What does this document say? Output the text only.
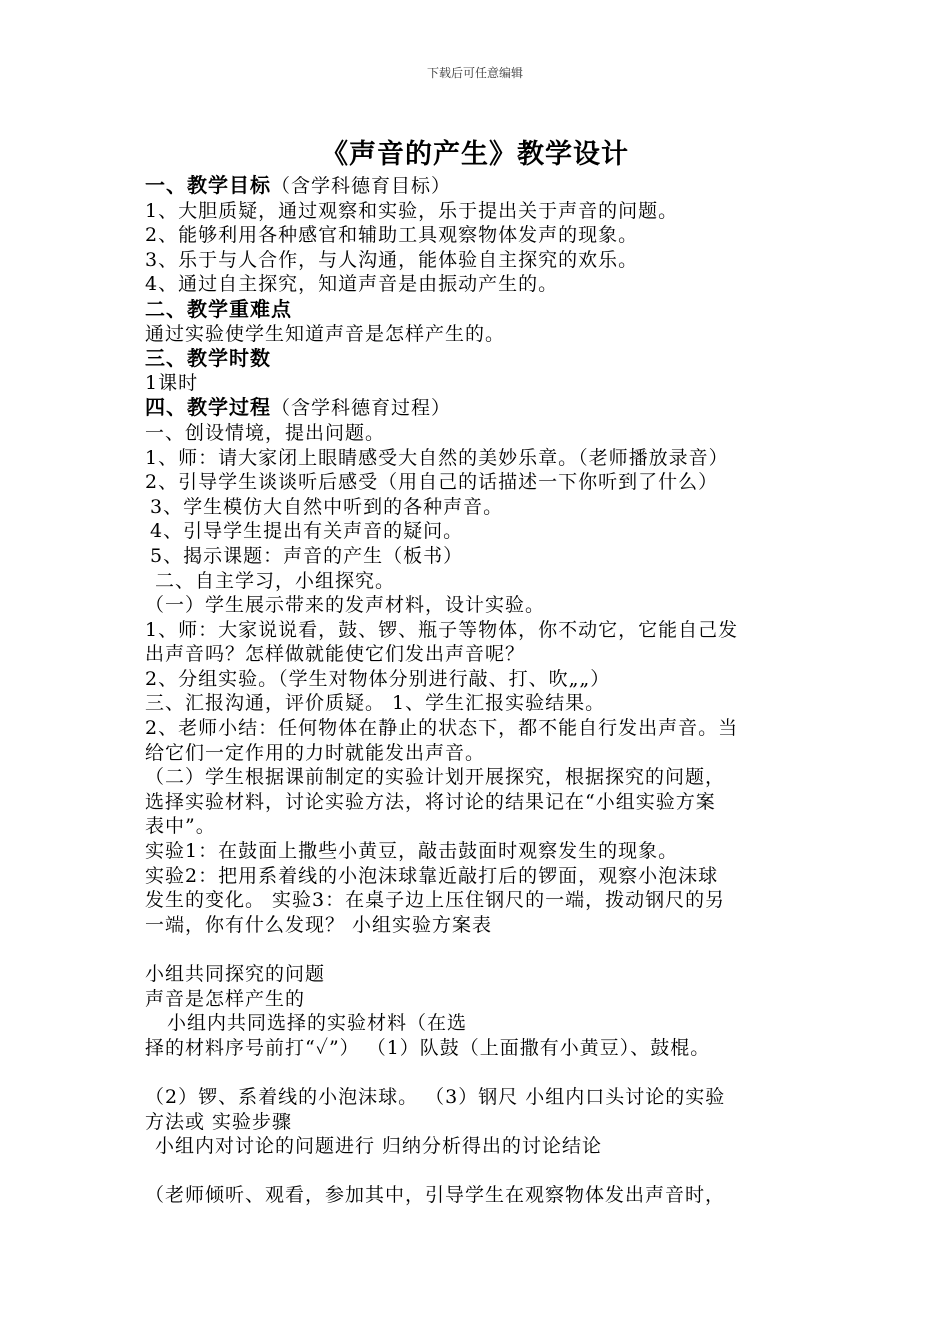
下载后可任意编辑
《声音的产生》教学设计
一、教学目标（含学科德育目标）
1、大胆质疑，通过观察和实验，乐于提出关于声音的问题。
2、能够利用各种感官和辅助工具观察物体发声的现象。
3、乐于与人合作，与人沟通，能体验自主探究的欢乐。
4、通过自主探究，知道声音是由振动产生的。
二、教学重难点
通过实验使学生知道声音是怎样产生的。
三、教学时数
1课时
四、教学过程（含学科德育过程）
一、创设情境，提出问题。
1、师：请大家闭上眼睛感受大自然的美妙乐章。（老师播放录音）
2、引导学生谈谈听后感受（用自己的话描述一下你听到了什么）
3、学生模仿大自然中听到的各种声音。
4、引导学生提出有关声音的疑问。
5、揭示课题：声音的产生（板书）
二、自主学习，小组探究。
（一）学生展示带来的发声材料，设计实验。
1、师：大家说说看，鼓、锣、瓶子等物体，你不动它，它能自己发
出声音吗？怎样做就能使它们发出声音呢？
2、分组实验。（学生对物体分别进行敲、打、吹„„）
三、汇报沟通，评价质疑。 1、学生汇报实验结果。
2、老师小结：任何物体在静止的状态下，都不能自行发出声音。当
给它们一定作用的力时就能发出声音。
（二）学生根据课前制定的实验计划开展探究，根据探究的问题，
选择实验材料，讨论实验方法，将讨论的结果记在“小组实验方案
表中”。
实验1：在鼓面上撒些小黄豆，敲击鼓面时观察发生的现象。
实验2：把用系着线的小泡沫球靠近敲打后的锣面，观察小泡沫球
发生的变化。 实验3：在桌子边上压住钢尺的一端，拨动钢尺的另
一端，你有什么发现？ 小组实验方案表
小组共同探究的问题
声音是怎样产生的
小组内共同选择的实验材料（在选
择的材料序号前打“✓”） （1）队鼓（上面撒有小黄豆）、鼓棍。
（2）锣、系着线的小泡沫球。 （3）钢尺 小组内口头讨论的实验
方法或 实验步骤
小组内对讨论的问题进行 归纳分析得出的讨论结论
（老师倾听、观看，参加其中，引导学生在观察物体发出声音时，
